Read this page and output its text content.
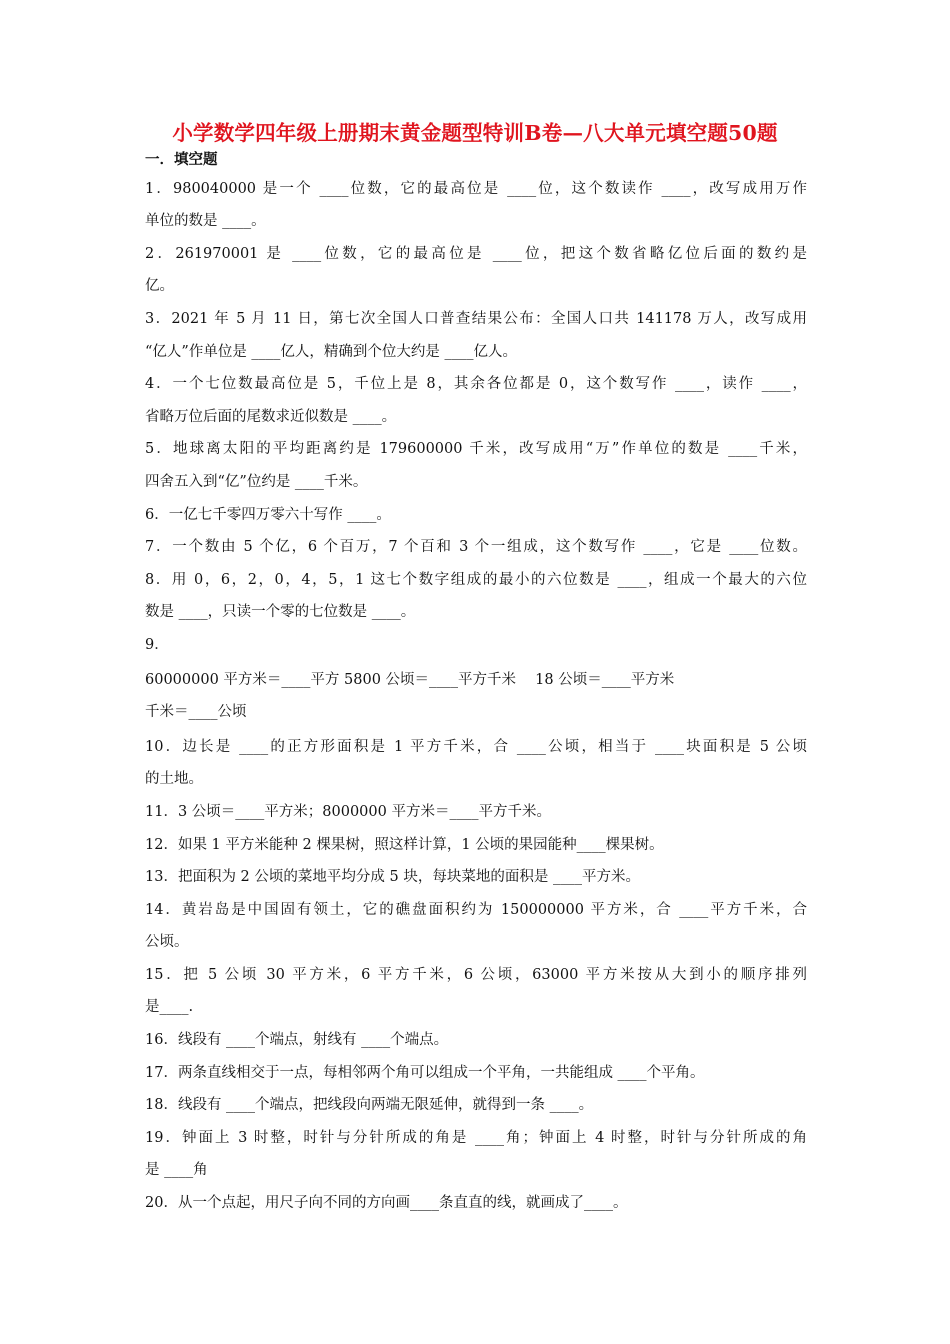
小学数学四年级上册期末黄金题型特训B卷—八大单元填空题50题
一．填空题
1．980040000 是一个 ____位数，它的最高位是 ____位，这个数读作 ____，改写成用万作
单位的数是 ____。
2．261970001 是 ____位数，它的最高位是 ____位，把这个数省略亿位后面的数约是
亿。
3．2021 年 5 月 11 日，第七次全国人口普查结果公布：全国人口共 141178 万人，改写成用
“亿人”作单位是 ____亿人，精确到个位大约是 ____亿人。
4．一个七位数最高位是 5，千位上是 8，其余各位都是 0，这个数写作 ____，读作 ____，
省略万位后面的尾数求近似数是 ____。
5．地球离太阳的平均距离约是 179600000 千米，改写成用“万”作单位的数是 ____千米，
四舍五入到“亿”位约是 ____千米。
6．一亿七千零四万零六十写作 ____。
7．一个数由 5 个亿，6 个百万，7 个百和 3 个一组成，这个数写作 ____，它是 ____位数。
8．用 0，6，2，0，4，5，1 这七个数字组成的最小的六位数是 ____，组成一个最大的六位
数是 ____，只读一个零的七位数是 ____。
9．
60000000 平方米＝____平方 5800 公顷＝____平方千米　 18 公顷＝____平方米
千米＝____公顷
10．边长是 ____的正方形面积是 1 平方千米，合 ____公顷，相当于 ____块面积是 5 公顷
的土地。
11．3 公顷＝____平方米；8000000 平方米＝____平方千米。
12．如果 1 平方米能种 2 棵果树，照这样计算，1 公顷的果园能种____棵果树。
13．把面积为 2 公顷的菜地平均分成 5 块，每块菜地的面积是 ____平方米。
14．黄岩岛是中国固有领土，它的礁盘面积约为 150000000 平方米，合 ____平方千米，合
公顷。
15．把 5 公顷 30 平方米，6 平方千米，6 公顷，63000 平方米按从大到小的顺序排列
是____.
16．线段有 ____个端点，射线有 ____个端点。
17．两条直线相交于一点，每相邻两个角可以组成一个平角，一共能组成 ____个平角。
18．线段有 ____个端点，把线段向两端无限延伸，就得到一条 ____。
19．钟面上 3 时整，时针与分针所成的角是 ____角；钟面上 4 时整，时针与分针所成的角
是 ____角
20．从一个点起，用尺子向不同的方向画____条直直的线，就画成了____。
